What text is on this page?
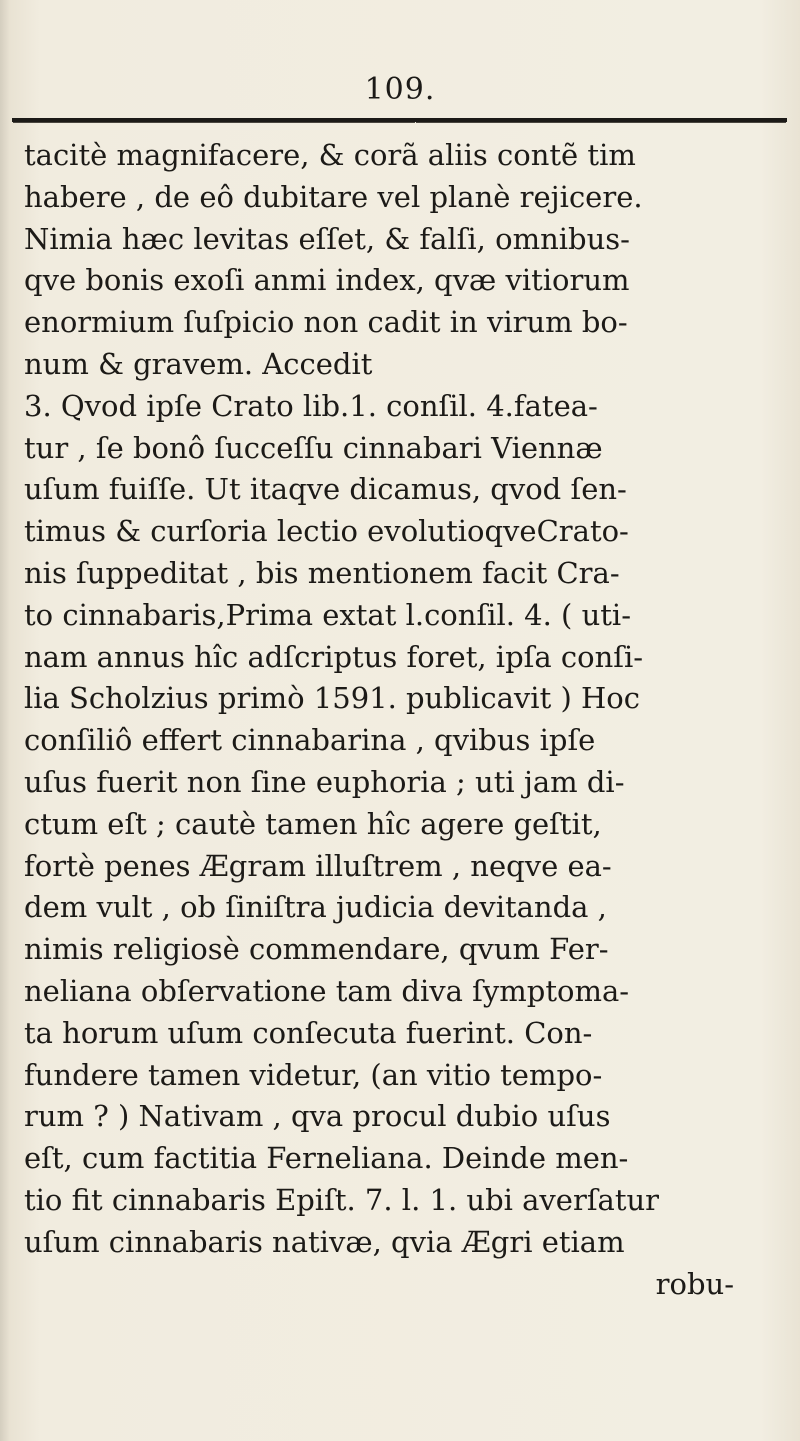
109.
tacitè magnifacere, & corã aliis contẽ tim
habere , de eô dubitare vel planè rejicere.
Nimia hæc levitas eſſet, & falſi, omnibus-
qve bonis exoſi anmi index, qvæ vitiorum
enormium ſuſpicio non cadit in virum bo-
num & gravem. Accedit
3. Qvod ipſe Crato lib.1. conſil. 4.fatea-
tur , ſe bonô ſucceſſu cinnabari Viennæ
uſum fuiſſe. Ut itaqve dicamus, qvod ſen-
timus & curſoria lectio evolutioqveCrato-
nis ſuppeditat , bis mentionem facit Cra-
to cinnabaris,Prima extat l.conſil. 4. ( uti-
nam annus hîc adſcriptus foret, ipſa conſi-
lia Scholzius primò 1591. publicavit ) Hoc
conſiliô effert cinnabarina , qvibus ipſe
uſus fuerit non ſine euphoria ; uti jam di-
ctum eſt ; cautè tamen hîc agere geſtit,
fortè penes Ægram illuſtrem , neqve ea-
dem vult , ob ſiniſtra judicia devitanda ,
nimis religiosè commendare, qvum Fer-
neliana obſervatione tam diva ſymptoma-
ta horum uſum conſecuta fuerint. Con-
fundere tamen videtur, (an vitio tempo-
rum ? ) Nativam , qva procul dubio uſus
eſt, cum factitia Ferneliana. Deinde men-
tio fit cinnabaris Epiſt. 7. l. 1. ubi averſatur
uſum cinnabaris nativæ, qvia Ægri etiam
robu-
